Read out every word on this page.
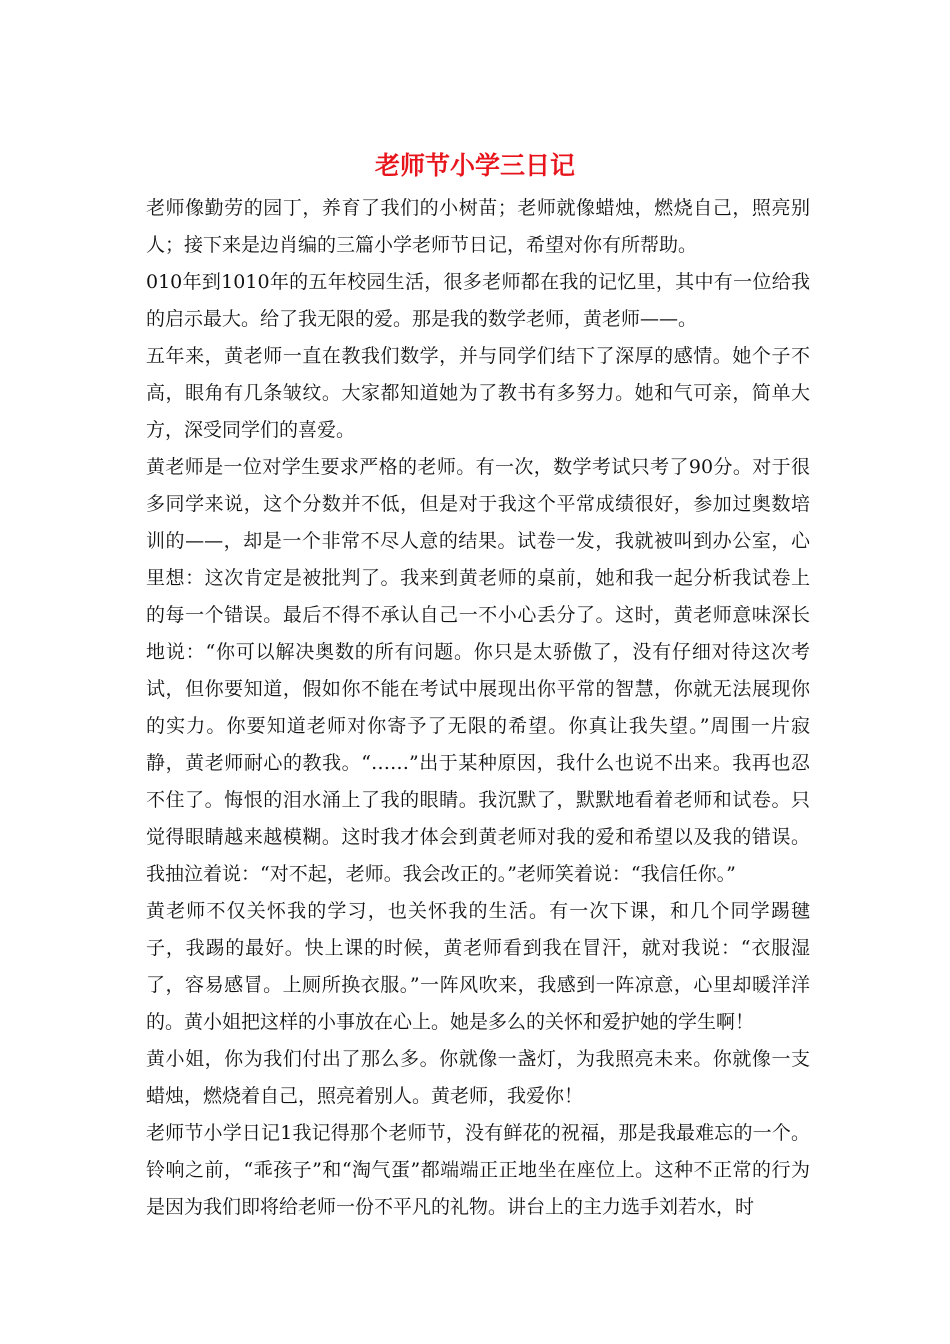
老师节小学三日记

老师像勤劳的园丁，养育了我们的小树苗；老师就像蜡烛，燃烧自己，照亮别人；接下来是边肖编的三篇小学老师节日记，希望对你有所帮助。

010年到1010年的五年校园生活，很多老师都在我的记忆里，其中有一位给我的启示最大。给了我无限的爱。那是我的数学老师，黄老师——。

五年来，黄老师一直在教我们数学，并与同学们结下了深厚的感情。她个子不高，眼角有几条皱纹。大家都知道她为了教书有多努力。她和气可亲，简单大方，深受同学们的喜爱。

黄老师是一位对学生要求严格的老师。有一次，数学考试只考了90分。对于很多同学来说，这个分数并不低，但是对于我这个平常成绩很好，参加过奥数培训的——，却是一个非常不尽人意的结果。试卷一发，我就被叫到办公室，心里想：这次肯定是被批判了。我来到黄老师的桌前，她和我一起分析我试卷上的每一个错误。最后不得不承认自己一不小心丢分了。这时，黄老师意味深长地说：“你可以解决奥数的所有问题。你只是太骄傲了，没有仔细对待这次考试，但你要知道，假如你不能在考试中展现出你平常的智慧，你就无法展现你的实力。你要知道老师对你寄予了无限的希望。你真让我失望。”周围一片寂静，黄老师耐心的教我。“……”出于某种原因，我什么也说不出来。我再也忍不住了。悔恨的泪水涌上了我的眼睛。我沉默了，默默地看着老师和试卷。只觉得眼睛越来越模糊。这时我才体会到黄老师对我的爱和希望以及我的错误。我抽泣着说：“对不起，老师。我会改正的。”老师笑着说：“我信任你。”

黄老师不仅关怀我的学习，也关怀我的生活。有一次下课，和几个同学踢毽子，我踢的最好。快上课的时候，黄老师看到我在冒汗，就对我说：“衣服湿了，容易感冒。上厕所换衣服。”一阵风吹来，我感到一阵凉意，心里却暖洋洋的。黄小姐把这样的小事放在心上。她是多么的关怀和爱护她的学生啊！

黄小姐，你为我们付出了那么多。你就像一盏灯，为我照亮未来。你就像一支蜡烛，燃烧着自己，照亮着别人。黄老师，我爱你！

老师节小学日记1我记得那个老师节，没有鲜花的祝福，那是我最难忘的一个。铃响之前，“乖孩子”和“淘气蛋”都端端正正地坐在座位上。这种不正常的行为是因为我们即将给老师一份不平凡的礼物。讲台上的主力选手刘若水，时
